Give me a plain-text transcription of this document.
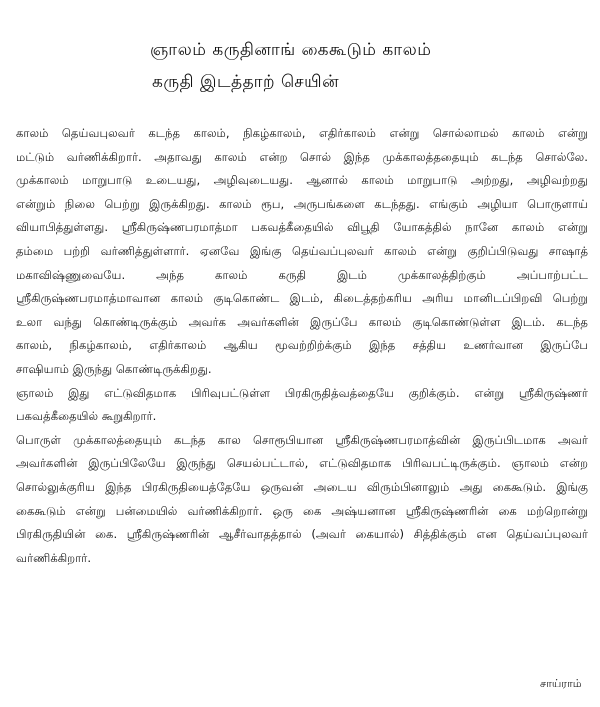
ஞாலம் கருதினாங் கைகூடும் காலம்
கருதி இடத்தாற் செயின்
காலம் தெய்வபுலவர் கடந்த காலம், நிகழ்காலம், எதிர்காலம் என்று சொல்லாமல் காலம் என்று
மட்டும் வர்ணிக்கிறார். அதாவது காலம் என்ற சொல் இந்த முக்காலத்ததையும் கடந்த சொல்லே.
முக்காலம் மாறுபாடு உடையது, அழிவுடையது. ஆனால் காலம் மாறுபாடு அற்றது, அழிவற்றது
என்றும் நிலை பெற்று இருக்கிறது. காலம் ரூப, அருபங்களை கடந்தது. எங்கும் அழியா பொருளாய்
வியாபித்துள்ளது. ஸ்ரீகிருஷ்ணபரமாத்மா பகவத்கீதையில் விபூதி யோகத்தில் நானே காலம் என்று
தம்மை பற்றி வர்ணித்துள்ளார். ஏனவே இங்கு தெய்வப்புலவர் காலம் என்று குறிப்பிடுவது சாஷாத்
மகாவிஷ்ணுவையே. அந்த காலம் கருதி இடம் முக்காலத்திற்கும் அப்பாற்பட்ட
ஸ்ரீகிருஷ்ணபரமாத்மாவான காலம் குடிகொண்ட இடம், கிடைத்தற்கரிய அரிய மானிடப்பிறவி பெற்று
உலா வந்து கொண்டிருக்கும் அவர்க அவர்களின் இருப்பே காலம் குடிகொண்டுள்ள இடம். கடந்த
காலம், நிகழ்காலம், எதிர்காலம் ஆகிய மூவற்றிற்க்கும் இந்த சத்திய உணர்வான இருப்பே
சாஷியாம் இருந்து கொண்டிருக்கிறது.
ஞாலம் இது எட்டுவிதமாக பிரிவுபட்டுள்ள பிரகிருதித்வத்தையே குறிக்கும். என்று ஸ்ரீகிருஷ்ணர்
பகவத்கீதையில் கூறுகிறார்.
பொருள் முக்காலத்தையும் கடந்த கால சொரூபியான ஸ்ரீகிருஷ்ணபரமாத்வின் இருப்பிடமாக அவர்
அவர்களின் இருப்பிலேயே இருந்து செயல்பட்டால், எட்டுவிதமாக பிரிவபட்டிருக்கும். ஞாலம் என்ற
சொல்லுக்குரிய இந்த பிரகிருதியைத்தேயே ஒருவன் அடைய விரும்பினாலும் அது கைகூடும். இங்கு
கைகூடும் என்று பன்மையில் வர்ணிக்கிறார். ஒரு கை அஷ்யனான ஸ்ரீகிருஷ்ணரின் கை மற்றொன்று
பிரகிருதியின் கை. ஸ்ரீகிருஷ்ணரின் ஆசீர்வாதத்தால் (அவர் கையால்) சித்திக்கும் என தெய்வப்புலவர்
வர்ணிக்கிறார்.
சாய்ராம்
